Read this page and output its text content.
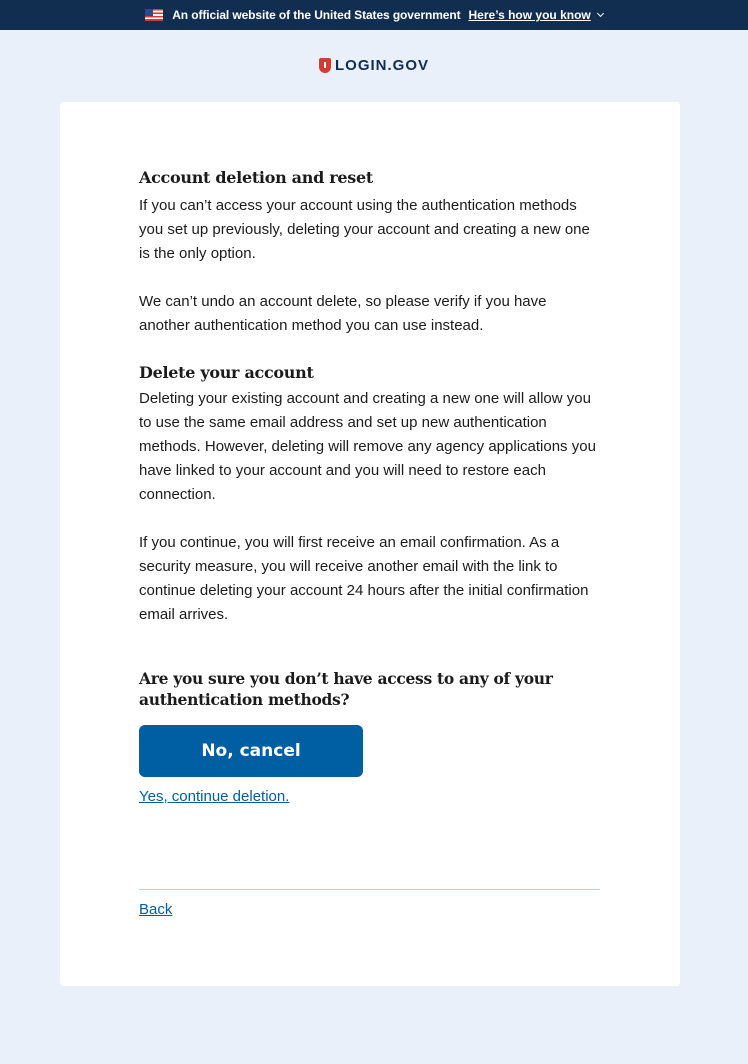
An official website of the United States government Here’s how you know
LOGIN.GOV
Account deletion and reset

If you can’t access your account using the authentication methods you set up previously, deleting your account and creating a new one is the only option.

We can’t undo an account delete, so please verify if you have another authentication method you can use instead.

Delete your account

Deleting your existing account and creating a new one will allow you to use the same email address and set up new authentication methods. However, deleting will remove any agency applications you have linked to your account and you will need to restore each connection.

If you continue, you will first receive an email confirmation. As a security measure, you will receive another email with the link to continue deleting your account 24 hours after the initial confirmation email arrives.

Are you sure you don’t have access to any of your authentication methods?
No, cancel
Yes, continue deletion.
Back
